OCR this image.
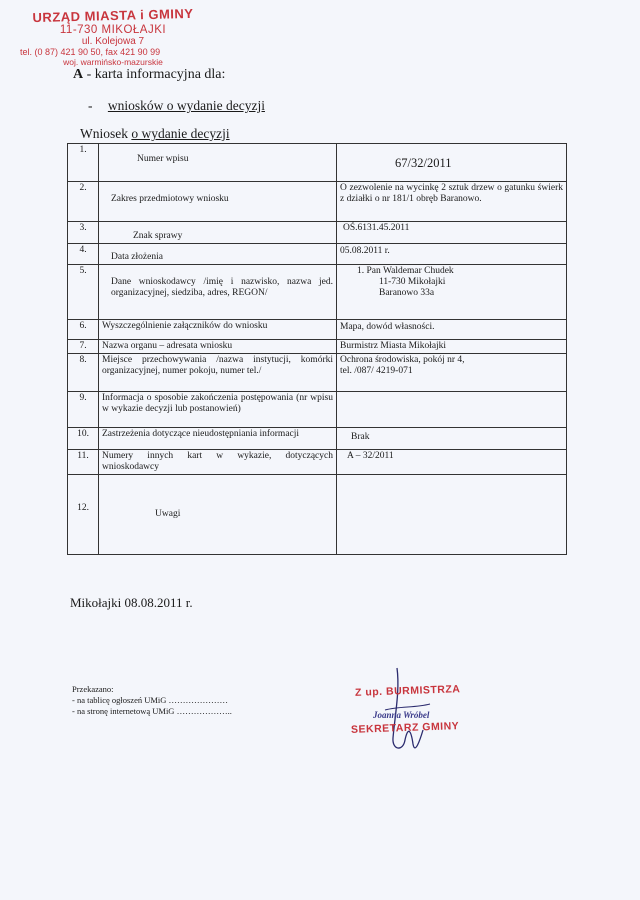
URZĄD MIASTA i GMINY
11-730 MIKOŁAJKI
ul. Kolejowa 7
tel. (0 87) 421 90 50, fax 421 90 99
woj. warmińsko-mazurskie
A - karta informacyjna dla:
- wniosków o wydanie decyzji
Wniosek o wydanie decyzji
1.	Numer wpisu	67/32/2011
2.	Zakres przedmiotowy wniosku	O zezwolenie na wycinkę 2 sztuk drzew o gatunku świerk z działki o nr 181/1 obręb Baranowo.
3.	Znak sprawy	OŚ.6131.45.2011
4.	Data złożenia	05.08.2011 r.
5.	Dane wnioskodawcy /imię i nazwisko, nazwa jed. organizacyjnej, siedziba, adres, REGON/	1. Pan Waldemar Chudek
11-730 Mikołajki
Baranowo 33a

6.	Wyszczególnienie załączników do wniosku	Mapa, dowód własności.
7.	Nazwa organu – adresata wniosku	Burmistrz Miasta Mikołajki
8.	Miejsce przechowywania /nazwa instytucji, komórki organizacyjnej, numer pokoju, numer tel./	Ochrona środowiska, pokój nr 4,
tel. /087/ 4219-071

9.	Informacja o sposobie zakończenia postępowania (nr wpisu w wykazie decyzji lub postanowień)	
10.	Zastrzeżenia dotyczące nieudostępniania informacji	Brak
11.	Numery innych kart w wykazie, dotyczących wnioskodawcy	A – 32/2011
12.	Uwagi	
Mikołajki 08.08.2011 r.
Przekazano:
- na tablicę ogłoszeń UMiG …………………
- na stronę internetową UMiG ………………..
Z up. BURMISTRZA
Joanna Wróbel
SEKRETARZ GMINY
